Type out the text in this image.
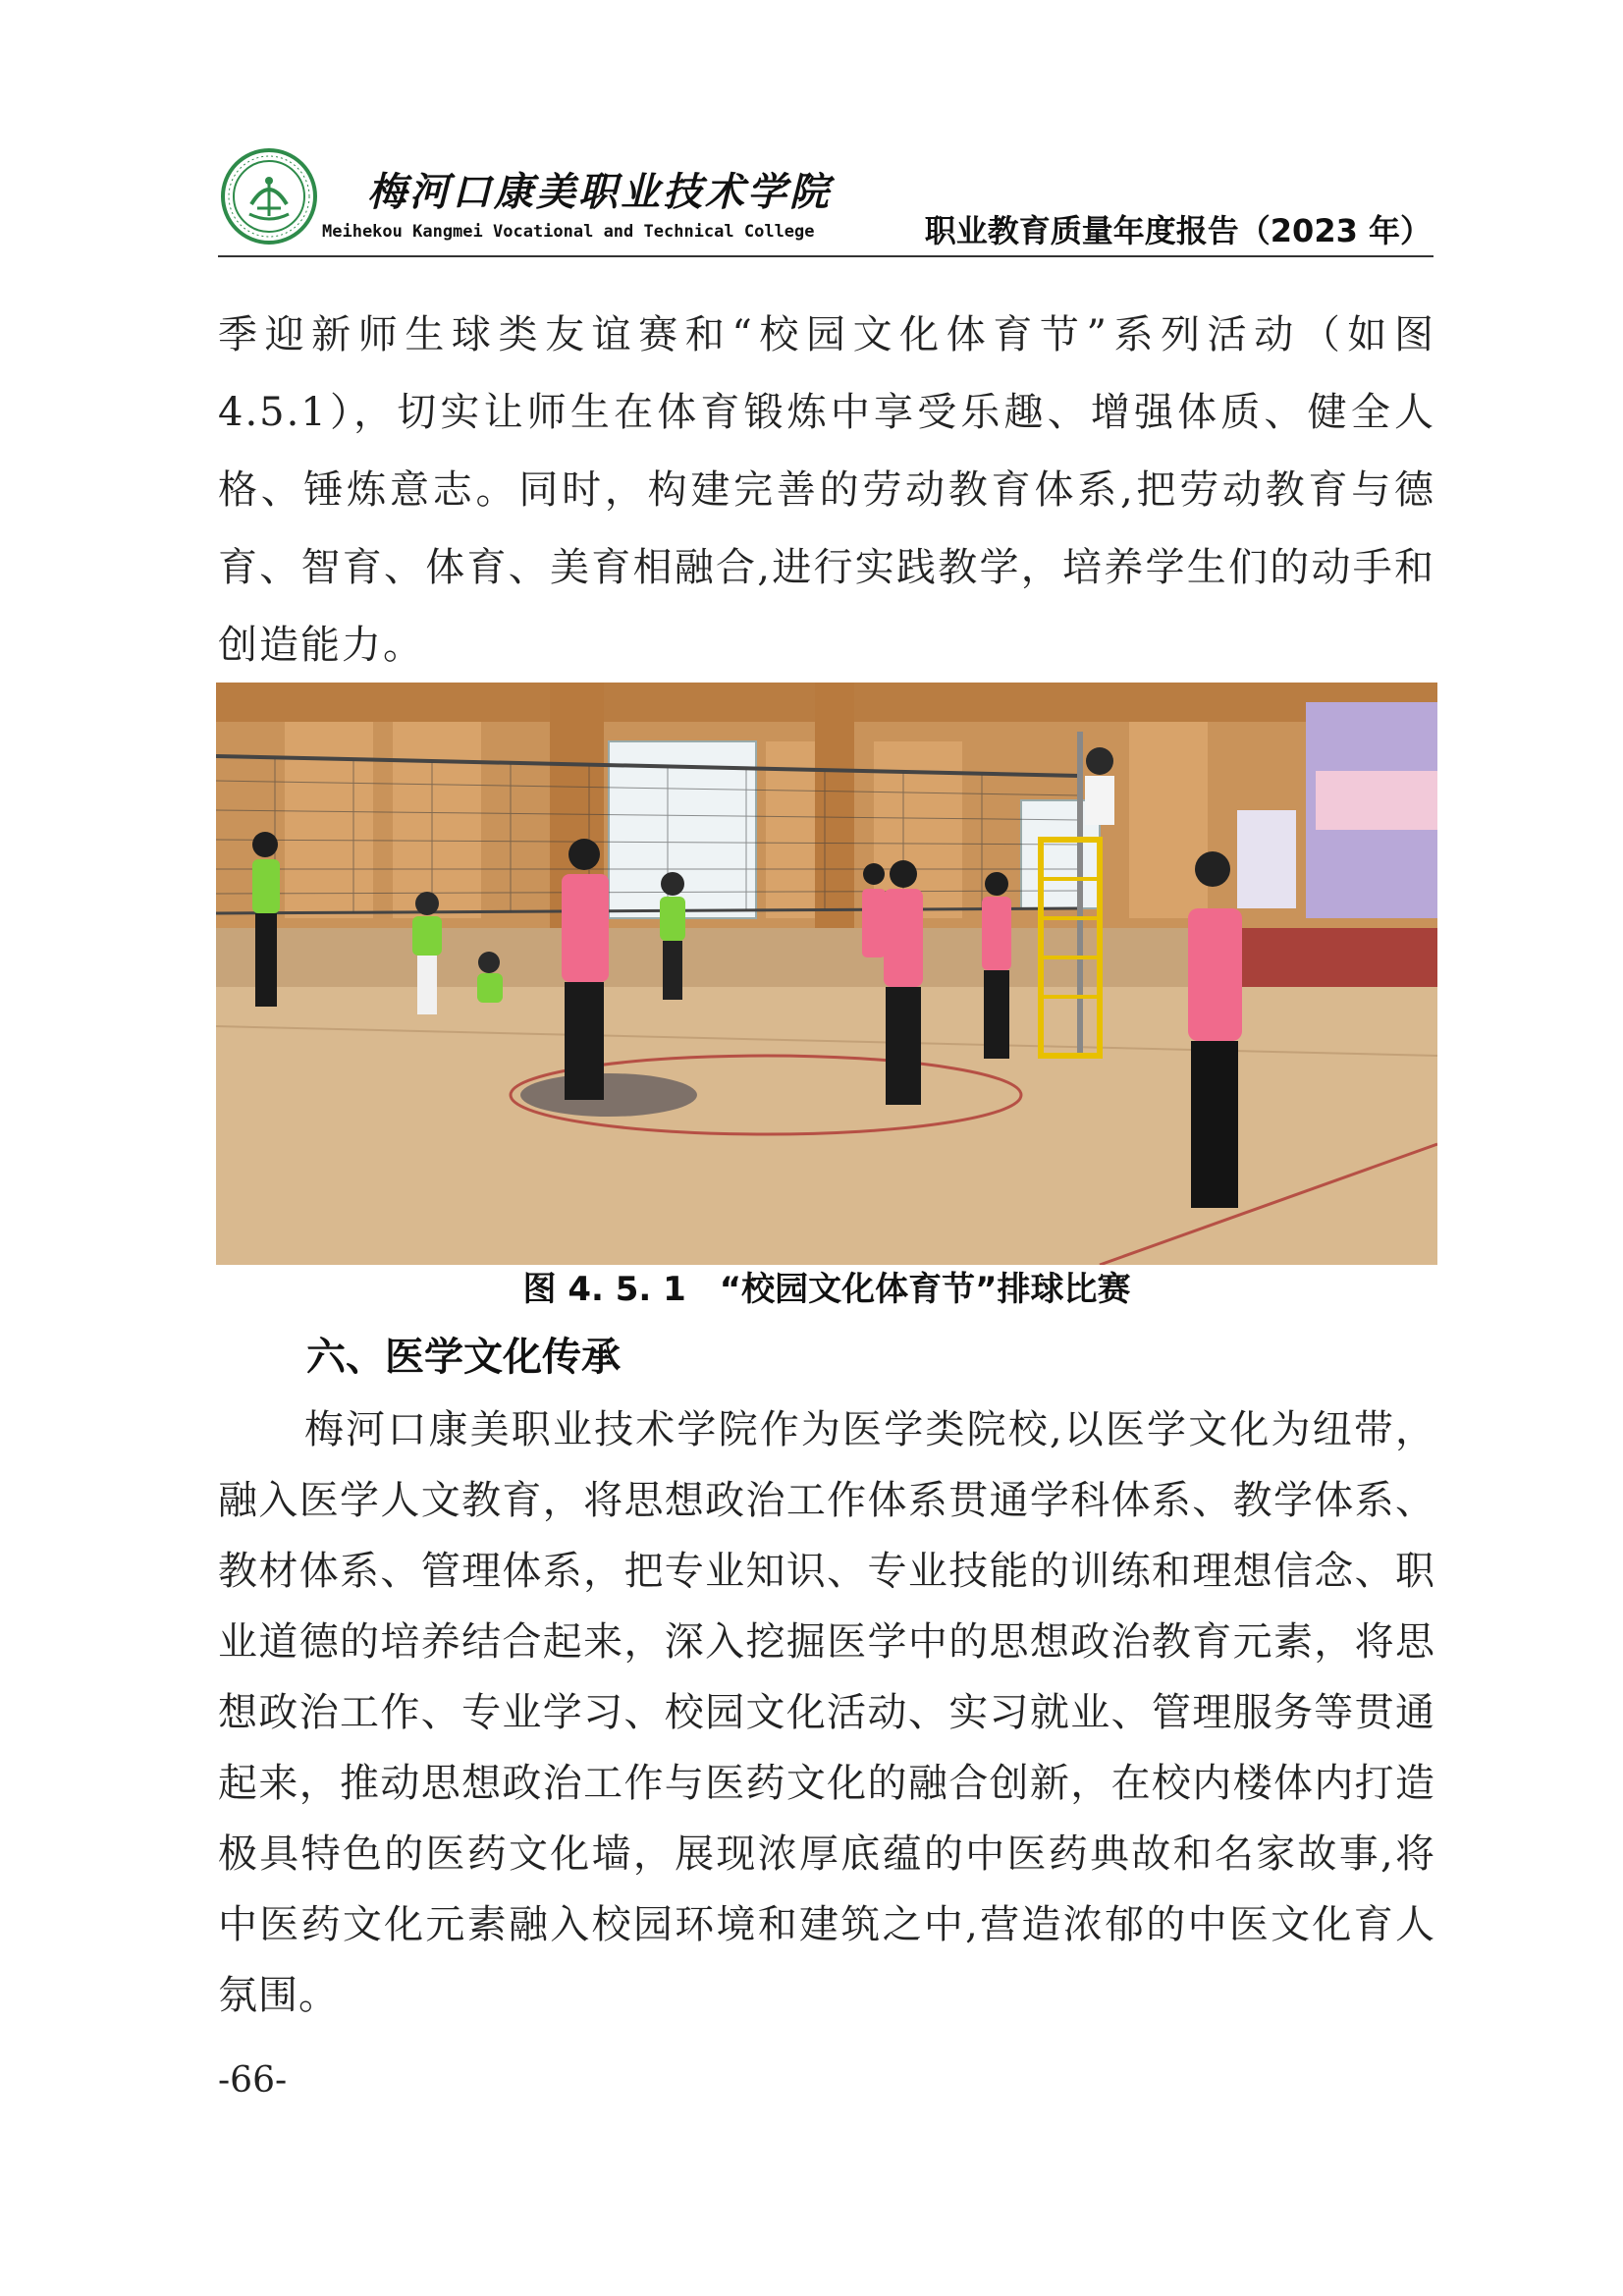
梅河口康美职业技术学院
Meihekou Kangmei Vocational and Technical College	职业教育质量年度报告（2023 年）

季迎新师生球类友谊赛和“校园文化体育节”系列活动（如图 4.5.1），切实让师生在体育锻炼中享受乐趣、增强体质、健全人格、锤炼意志。同时，构建完善的劳动教育体系,把劳动教育与德育、智育、体育、美育相融合,进行实践教学，培养学生们的动手和创造能力。

图 4. 5. 1　“校园文化体育节”排球比赛
六、医学文化传承

梅河口康美职业技术学院作为医学类院校,以医学文化为纽带，融入医学人文教育，将思想政治工作体系贯通学科体系、教学体系、教材体系、管理体系，把专业知识、专业技能的训练和理想信念、职业道德的培养结合起来，深入挖掘医学中的思想政治教育元素，将思想政治工作、专业学习、校园文化活动、实习就业、管理服务等贯通起来，推动思想政治工作与医药文化的融合创新，在校内楼体内打造极具特色的医药文化墙，展现浓厚底蕴的中医药典故和名家故事,将中医药文化元素融入校园环境和建筑之中,营造浓郁的中医文化育人氛围。

-66-
